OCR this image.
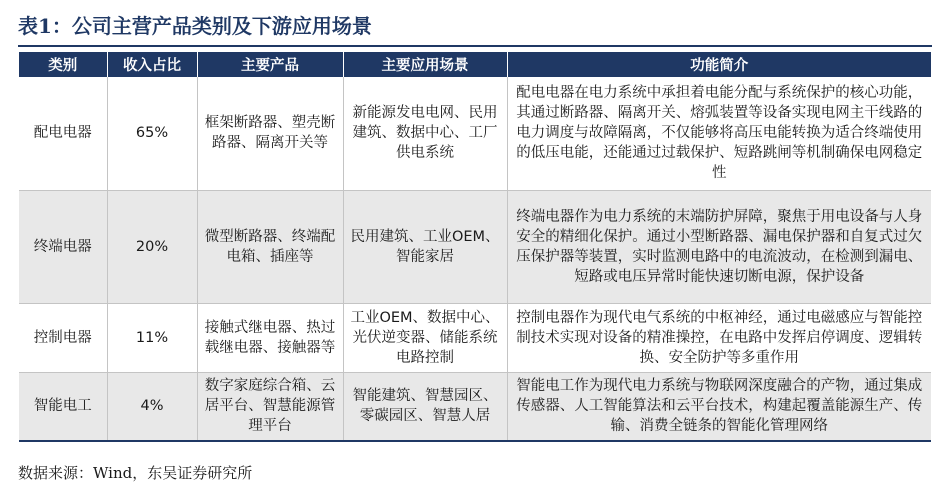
表1：公司主营产品类别及下游应用场景
类别	收入占比	主要产品	主要应用场景	功能简介
配电电器	65%	框架断路器、塑壳断路器、隔离开关等	新能源发电电网、民用建筑、数据中心、工厂供电系统	配电电器在电力系统中承担着电能分配与系统保护的核心功能，其通过断路器、隔离开关、熔弧装置等设备实现电网主干线路的电力调度与故障隔离，不仅能够将高压电能转换为适合终端使用的低压电能，还能通过过载保护、短路跳闸等机制确保电网稳定性
终端电器	20%	微型断路器、终端配电箱、插座等	民用建筑、工业OEM、智能家居	终端电器作为电力系统的末端防护屏障，聚焦于用电设备与人身安全的精细化保护。通过小型断路器、漏电保护器和自复式过欠压保护器等装置，实时监测电路中的电流波动，在检测到漏电、短路或电压异常时能快速切断电源，保护设备
控制电器	11%	接触式继电器、热过载继电器、接触器等	工业OEM、数据中心、光伏逆变器、储能系统电路控制	控制电器作为现代电气系统的中枢神经，通过电磁感应与智能控制技术实现对设备的精准操控，在电路中发挥启停调度、逻辑转换、安全防护等多重作用
智能电工	4%	数字家庭综合箱、云居平台、智慧能源管理平台	智能建筑、智慧园区、零碳园区、智慧人居	智能电工作为现代电力系统与物联网深度融合的产物，通过集成传感器、人工智能算法和云平台技术，构建起覆盖能源生产、传输、消费全链条的智能化管理网络
数据来源：Wind，东吴证券研究所
